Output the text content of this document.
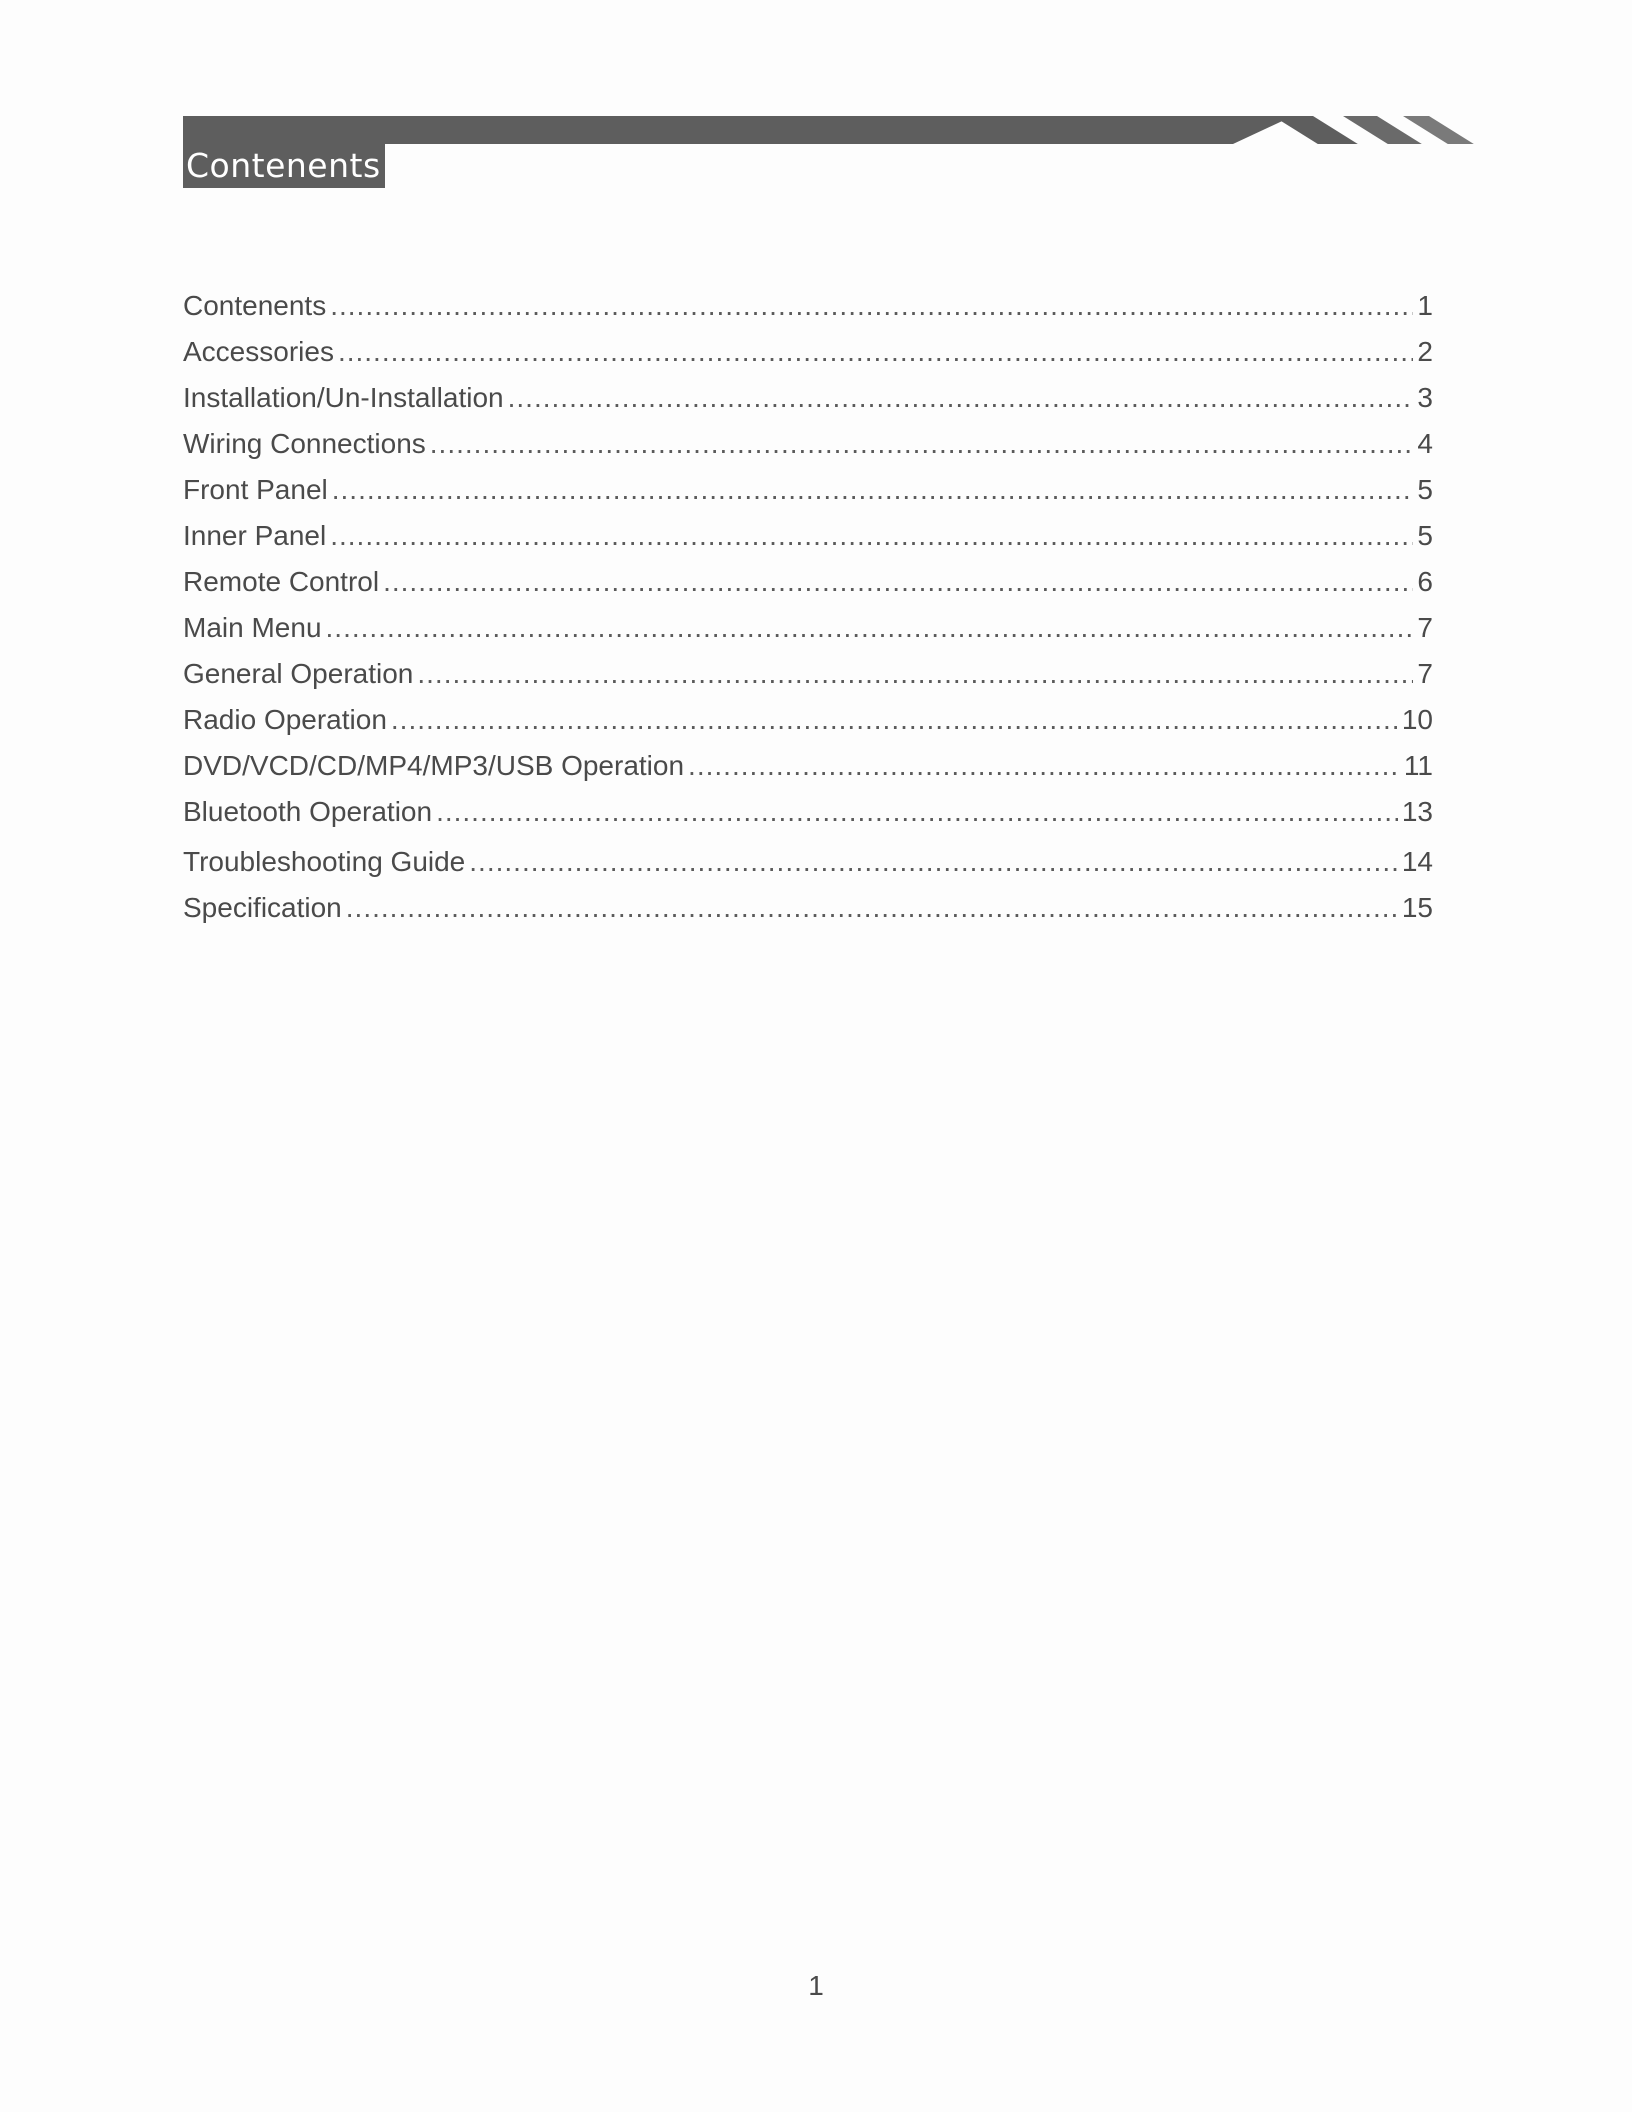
Contenents
Contenents .....	1
Accessories .....	2
Installation/Un-Installation .....	3
Wiring Connections .....	4
Front Panel .....	5
Inner Panel .....	5
Remote Control .....	6
Main Menu .....	7
General Operation .....	7
Radio Operation .....	10
DVD/VCD/CD/MP4/MP3/USB Operation .....	11
Bluetooth Operation .....	13
Troubleshooting Guide .....	14
Specification .....	15
1
